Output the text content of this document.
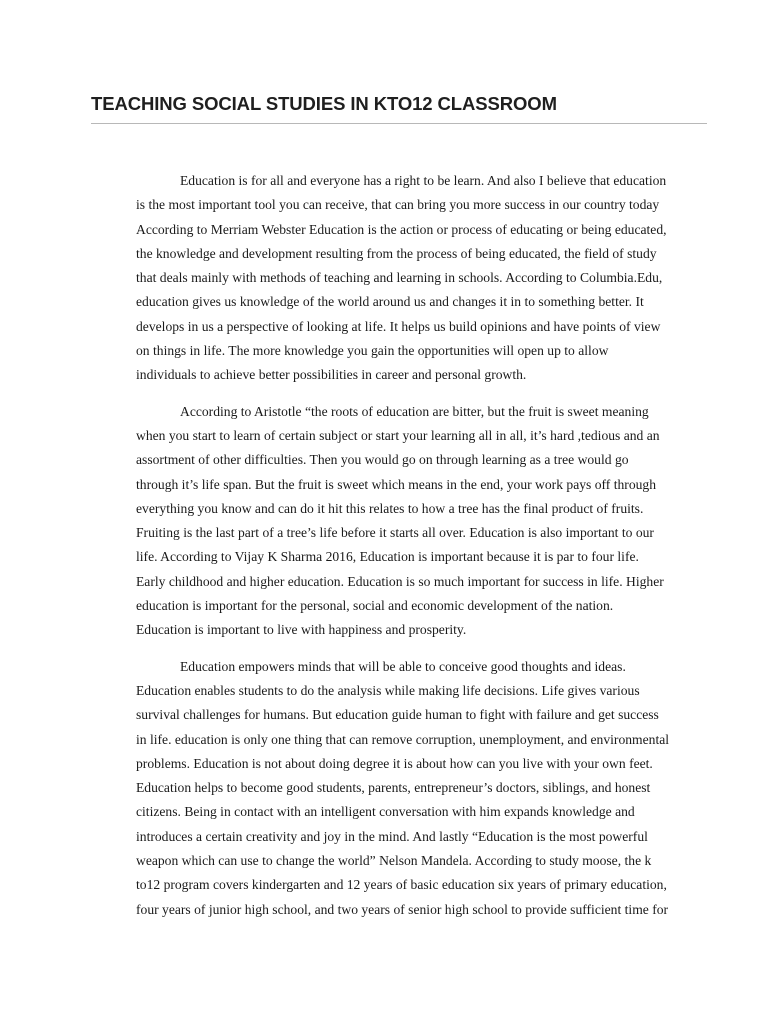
TEACHING SOCIAL STUDIES IN KTO12 CLASSROOM
Education is for all and everyone has a right to be learn. And also I believe that education
is the most important tool you can receive, that can bring you more success in our country today
According to Merriam Webster Education is the action or process of educating or being educated,
the knowledge and development resulting from the process of being educated, the field of study
that deals mainly with methods of teaching and learning in schools. According to Columbia.Edu,
education gives us knowledge of the world around us and changes it in to something better. It
develops in us a perspective of looking at life. It helps us build opinions and have points of view
on things in life. The more knowledge you gain the opportunities will open up to allow
individuals to achieve better possibilities in career and personal growth.
According to Aristotle “the roots of education are bitter, but the fruit is sweet meaning
when you start to learn of certain subject or start your learning all in all, it’s hard ,tedious and an
assortment of other difficulties. Then you would go on through learning as a tree would go
through it’s life span. But the fruit is sweet which means in the end, your work pays off through
everything you know and can do it hit this relates to how a tree has the final product of fruits.
Fruiting is the last part of a tree’s life before it starts all over. Education is also important to our
life. According to Vijay K Sharma 2016, Education is important because it is par to four life.
Early childhood and higher education. Education is so much important for success in life. Higher
education is important for the personal, social and economic development of the nation.
Education is important to live with happiness and prosperity.
Education empowers minds that will be able to conceive good thoughts and ideas.
Education enables students to do the analysis while making life decisions. Life gives various
survival challenges for humans. But education guide human to fight with failure and get success
in life. education is only one thing that can remove corruption, unemployment, and environmental
problems. Education is not about doing degree it is about how can you live with your own feet.
Education helps to become good students, parents, entrepreneur’s doctors, siblings, and honest
citizens. Being in contact with an intelligent conversation with him expands knowledge and
introduces a certain creativity and joy in the mind. And lastly “Education is the most powerful
weapon which can use to change the world” Nelson Mandela. According to study moose, the k
to12 program covers kindergarten and 12 years of basic education six years of primary education,
four years of junior high school, and two years of senior high school to provide sufficient time for
